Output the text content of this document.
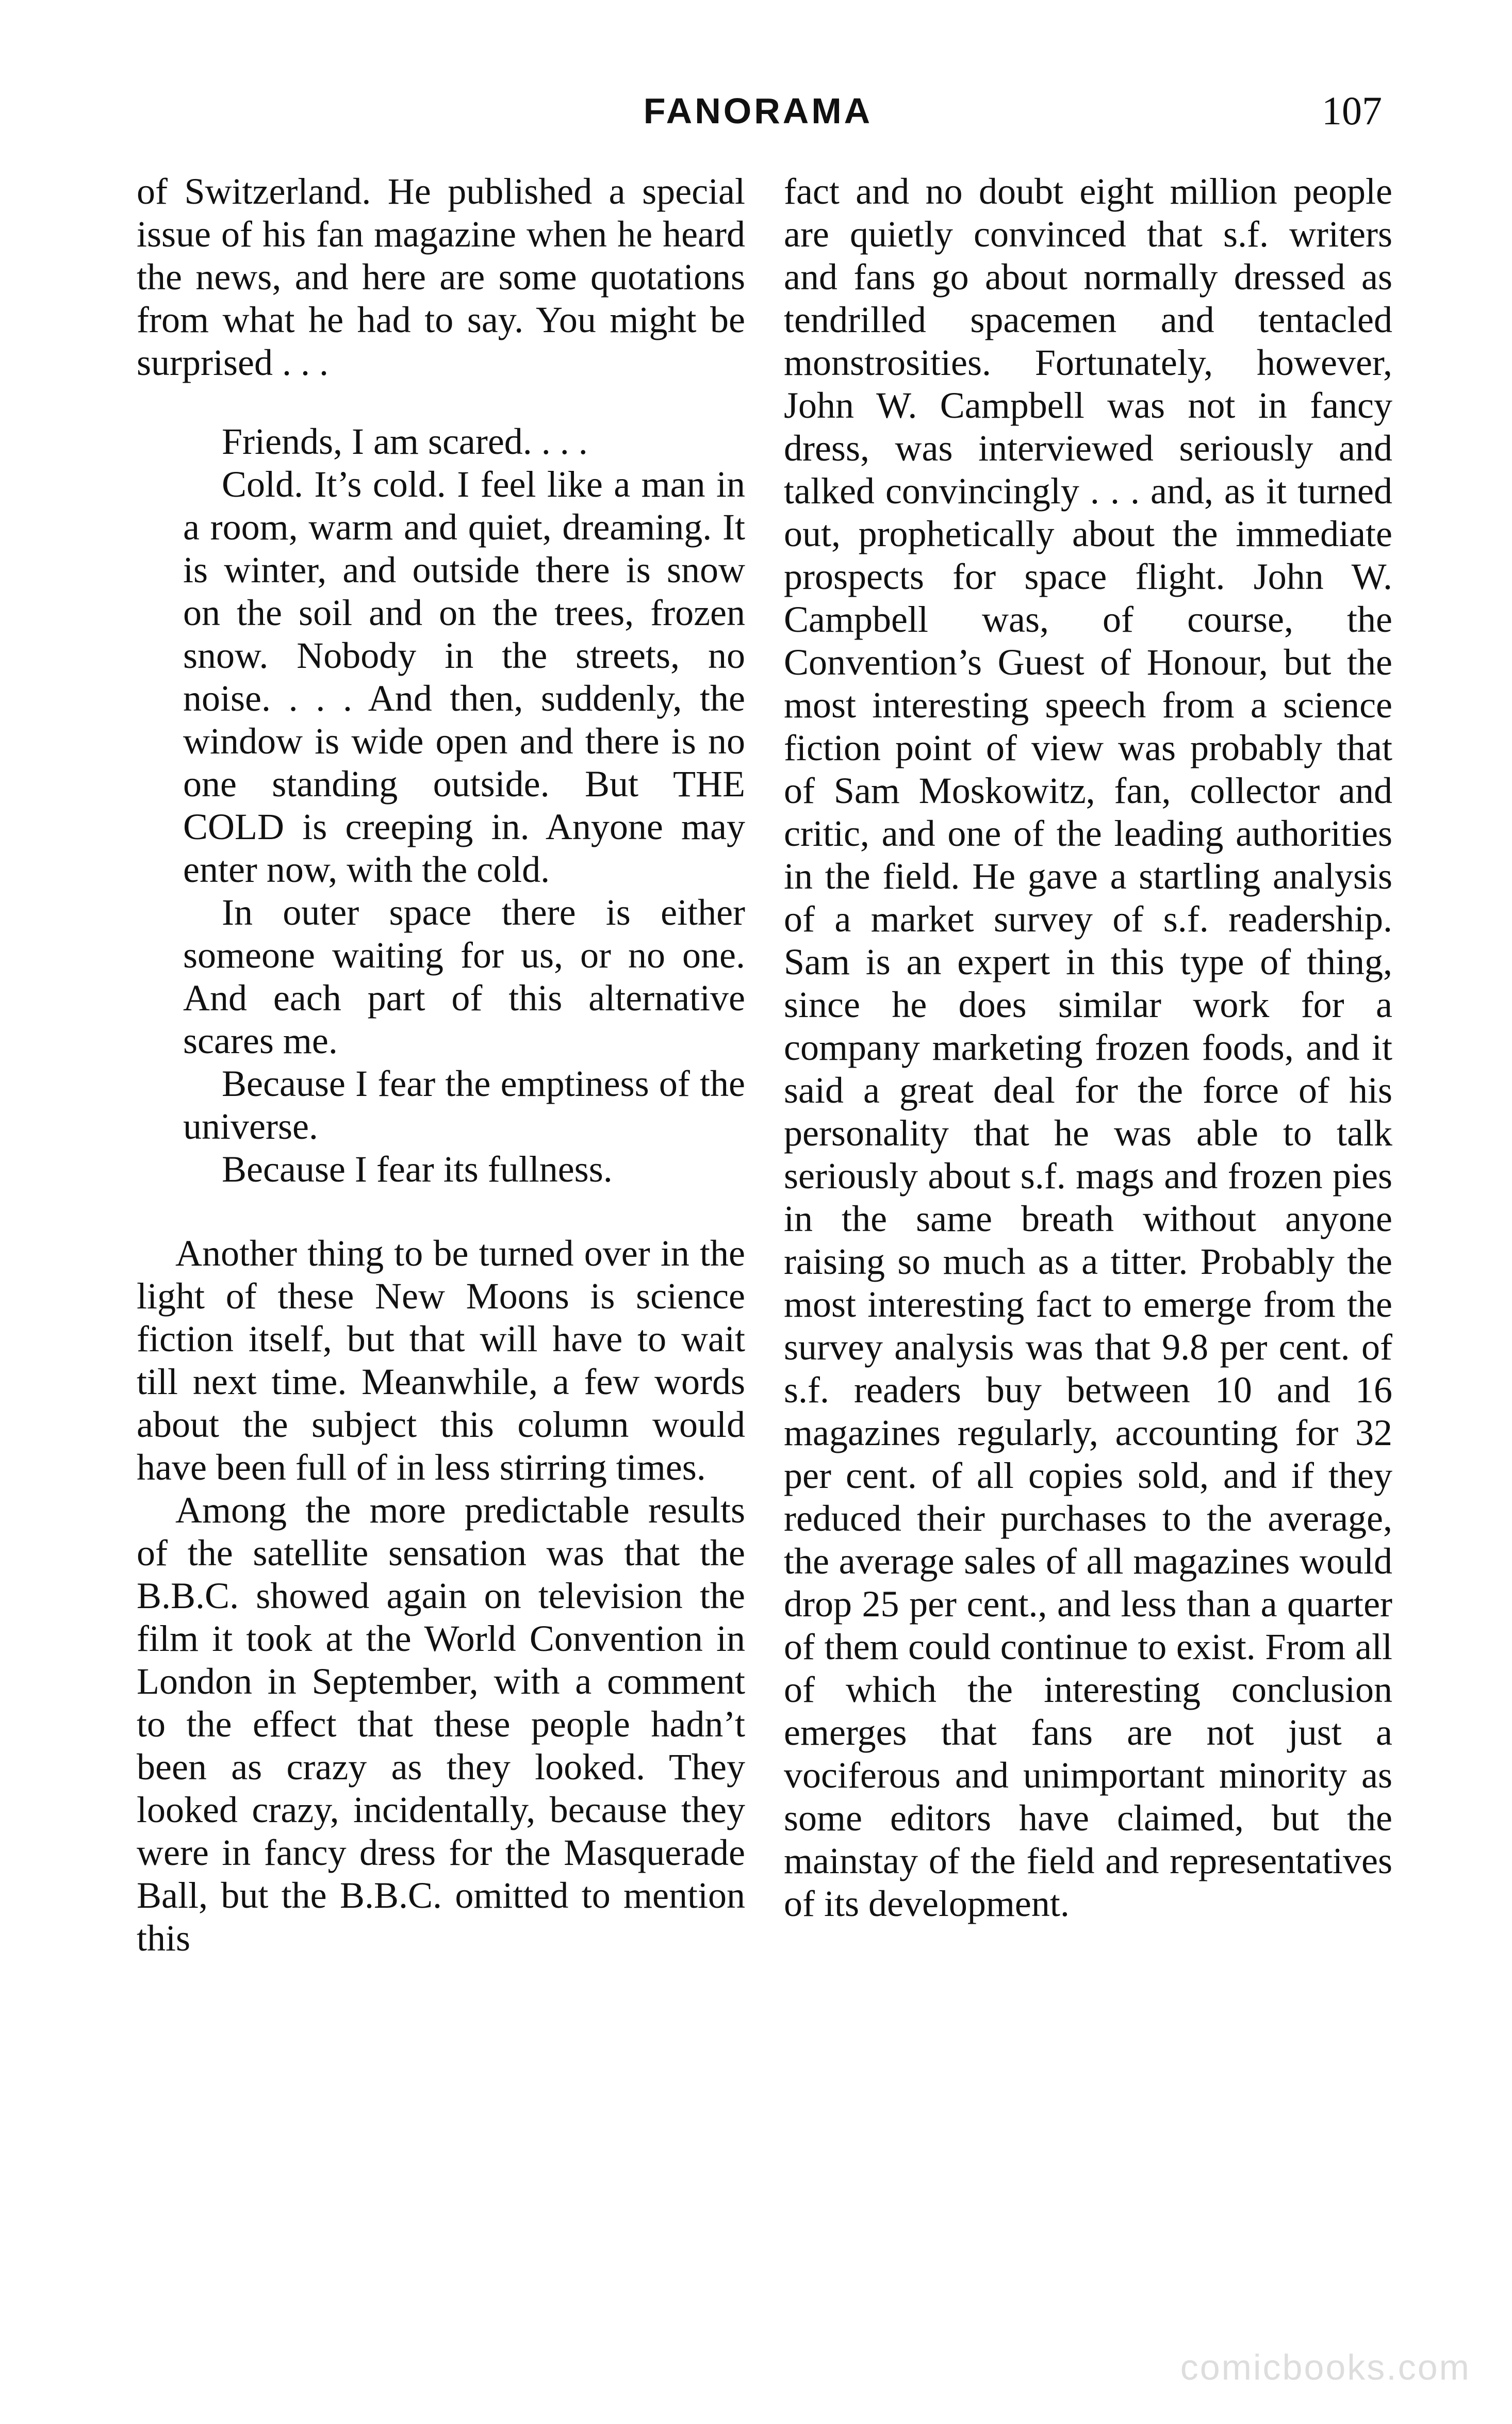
FANORAMA	107

of Switzerland. He published a special issue of his fan magazine when he heard the news, and here are some quotations from what he had to say. You might be surprised . . .

Friends, I am scared. . . .

Cold. It’s cold. I feel like a man in a room, warm and quiet, dreaming. It is winter, and outside there is snow on the soil and on the trees, frozen snow. Nobody in the streets, no noise. . . . And then, suddenly, the window is wide open and there is no one standing outside. But THE COLD is creeping in. Anyone may enter now, with the cold.

In outer space there is either someone waiting for us, or no one. And each part of this alternative scares me.

Because I fear the emptiness of the universe.

Because I fear its fullness.

Another thing to be turned over in the light of these New Moons is science fiction itself, but that will have to wait till next time. Meanwhile, a few words about the subject this column would have been full of in less stirring times.

Among the more predictable results of the satellite sensation was that the B.B.C. showed again on television the film it took at the World Convention in London in September, with a comment to the effect that these people hadn’t been as crazy as they looked. They looked crazy, incidentally, because they were in fancy dress for the Masquerade Ball, but the B.B.C. omitted to mention this

fact and no doubt eight million people are quietly convinced that s.f. writers and fans go about normally dressed as tendrilled spacemen and tentacled monstrosities. Fortunately, however, John W. Campbell was not in fancy dress, was interviewed seriously and talked convincingly . . . and, as it turned out, prophetically about the immediate prospects for space flight. John W. Campbell was, of course, the Convention’s Guest of Honour, but the most interesting speech from a science fiction point of view was probably that of Sam Moskowitz, fan, collector and critic, and one of the leading authorities in the field. He gave a startling analysis of a market survey of s.f. readership. Sam is an expert in this type of thing, since he does similar work for a company marketing frozen foods, and it said a great deal for the force of his personality that he was able to talk seriously about s.f. mags and frozen pies in the same breath without anyone raising so much as a titter. Probably the most interesting fact to emerge from the survey analysis was that 9.8 per cent. of s.f. readers buy between 10 and 16 magazines regularly, accounting for 32 per cent. of all copies sold, and if they reduced their purchases to the average, the average sales of all magazines would drop 25 per cent., and less than a quarter of them could continue to exist. From all of which the interesting conclusion emerges that fans are not just a vociferous and unimportant minority as some editors have claimed, but the mainstay of the field and representatives of its development.

comicbooks.com
